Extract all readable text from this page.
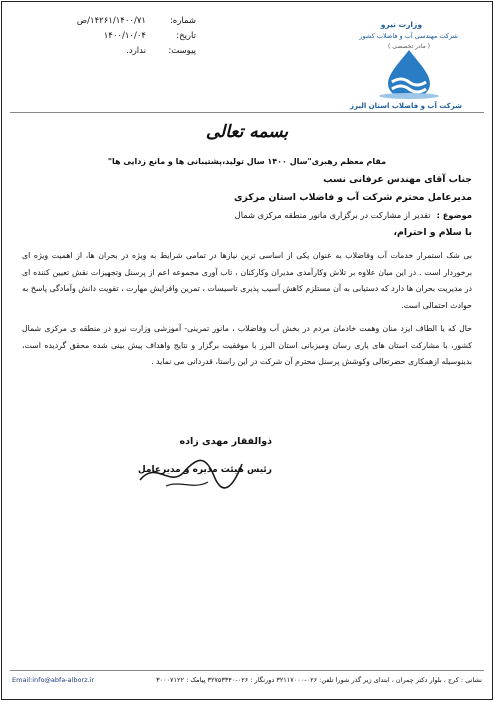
شماره:
۱۴۲۶۱/۱۴۰۰/۷۱/ص
تاریخ:
۱۴۰۰/۱۰/۰۴
پیوست:
ندارد.
وزارت نیرو
شرکت مهندسی آب و فاضلاب کشور
( مادر تخصصی )
شرکت آب و فاضلاب استان البرز
بسمه تعالی
مقام معظم رهبری"سال ۱۴۰۰ سال تولید،پشتیبانی ها و مانع زدایی ها"
جناب آقای مهندس عرفانی نسب
مدیرعامل محترم شرکت آب و فاضلاب استان مرکزی
موضوع :تقدیر از مشارکت در برگزاری مانور منطقه مرکزی شمال
با سلام و احترام،
بی شک استمرار خدمات آب وفاضلاب به عنوان یکی از اساسی ترین نیازها در تمامی شرایط به ویژه در بحران ها، از اهمیت ویژه ای برخوردار است . در این میان علاوه بر تلاش وکارآمدی مدیران وکارکنان ، تاب آوری مجموعه اعم از پرسنل وتجهیزات نقش تعیین کننده ای در مدیریت بحران ها دارد که دستیابی به آن مستلزم کاهش آسیب پذیری تاسیسات ، تمرین وافزایش مهارت ، تقویت دانش وآمادگی پاسخ به حوادث احتمالی است.
حال که با الطاف ایزد منان وهمت خادمان مردم در بخش آب وفاضلاب ، مانور تمرینی- آموزشی وزارت نیرو در منطقه ی مرکزی شمال کشور، با مشارکت استان های یاری رسان ومیزبانی استان البرز با موفقیت برگزار و نتایج واهداف پیش بینی شده محقق گردیده است، بدینوسیله ازهمکاری حضرتعالی وکوشش پرسنل محترم آن شرکت در این راستا، قدردانی می نماید .
ذوالفقار مهدی زاده
رئیس هیئت مدیره و مدیرعامل
Email:info@abfa-alborz.ir	نشانی : کرج ، بلوار دکتر چمران ، ابتدای زیر گذر شورا تلفن: ۰۲۶-۳۲۱۱۷۰۰۰ دورنگار : ۰۲۶-۳۲۷۵۳۳۴۰ پیامک : ۳۰۰۰۷۱۲۲
